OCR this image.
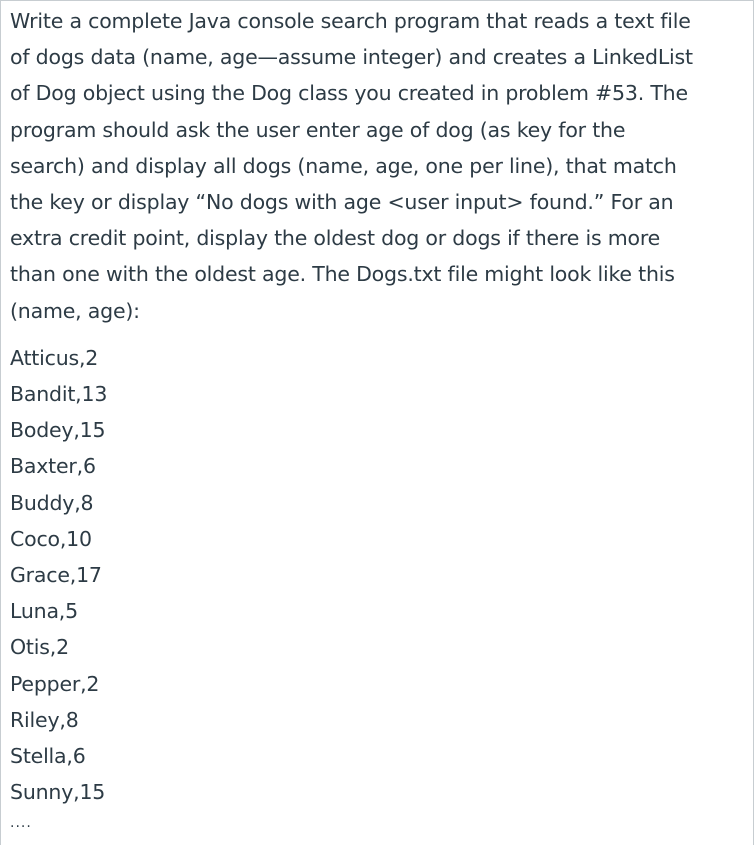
Write a complete Java console search program that reads a text file
of dogs data (name, age—assume integer) and creates a LinkedList
of Dog object using the Dog class you created in problem #53. The
program should ask the user enter age of dog (as key for the
search) and display all dogs (name, age, one per line), that match
the key or display “No dogs with age <user input> found.” For an
extra credit point, display the oldest dog or dogs if there is more
than one with the oldest age. The Dogs.txt file might look like this
(name, age):

Atticus,2
Bandit,13
Bodey,15
Baxter,6
Buddy,8
Coco,10
Grace,17
Luna,5
Otis,2
Pepper,2
Riley,8
Stella,6
Sunny,15
....
